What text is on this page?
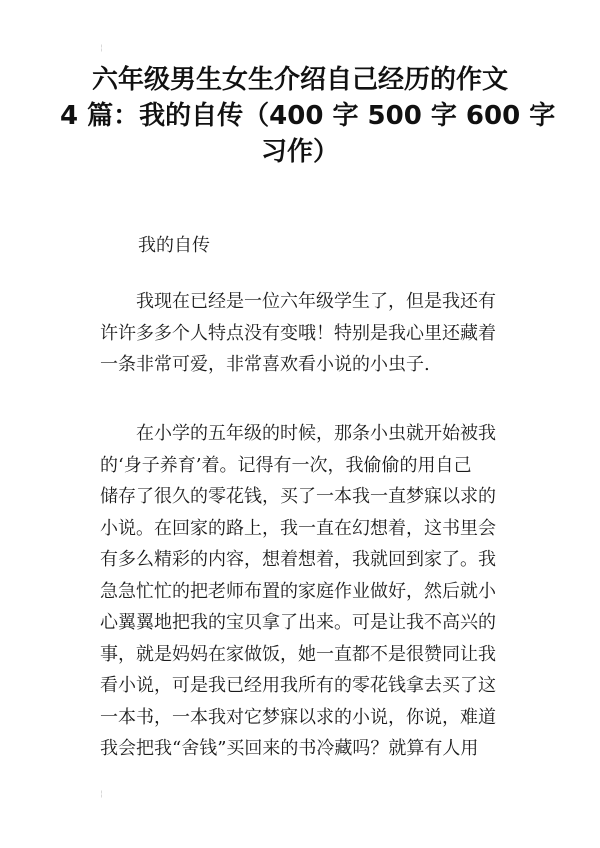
¦
¦
六年级男生女生介绍自己经历的作文
4 篇：我的自传（400 字 500 字 600 字
习作）

我的自传

　　我现在已经是一位六年级学生了，但是我还有
许许多多个人特点没有变哦！特别是我心里还藏着
一条非常可爱，非常喜欢看小说的小虫子.

　　在小学的五年级的时候，那条小虫就开始被我
的‘身子养育’着。记得有一次，我偷偷的用自己
储存了很久的零花钱，买了一本我一直梦寐以求的
小说。在回家的路上，我一直在幻想着，这书里会
有多么精彩的内容，想着想着，我就回到家了。我
急急忙忙的把老师布置的家庭作业做好，然后就小
心翼翼地把我的宝贝拿了出来。可是让我不高兴的
事，就是妈妈在家做饭，她一直都不是很赞同让我
看小说，可是我已经用我所有的零花钱拿去买了这
一本书，一本我对它梦寐以求的小说，你说，难道
我会把我“舍钱”买回来的书冷藏吗？就算有人用
